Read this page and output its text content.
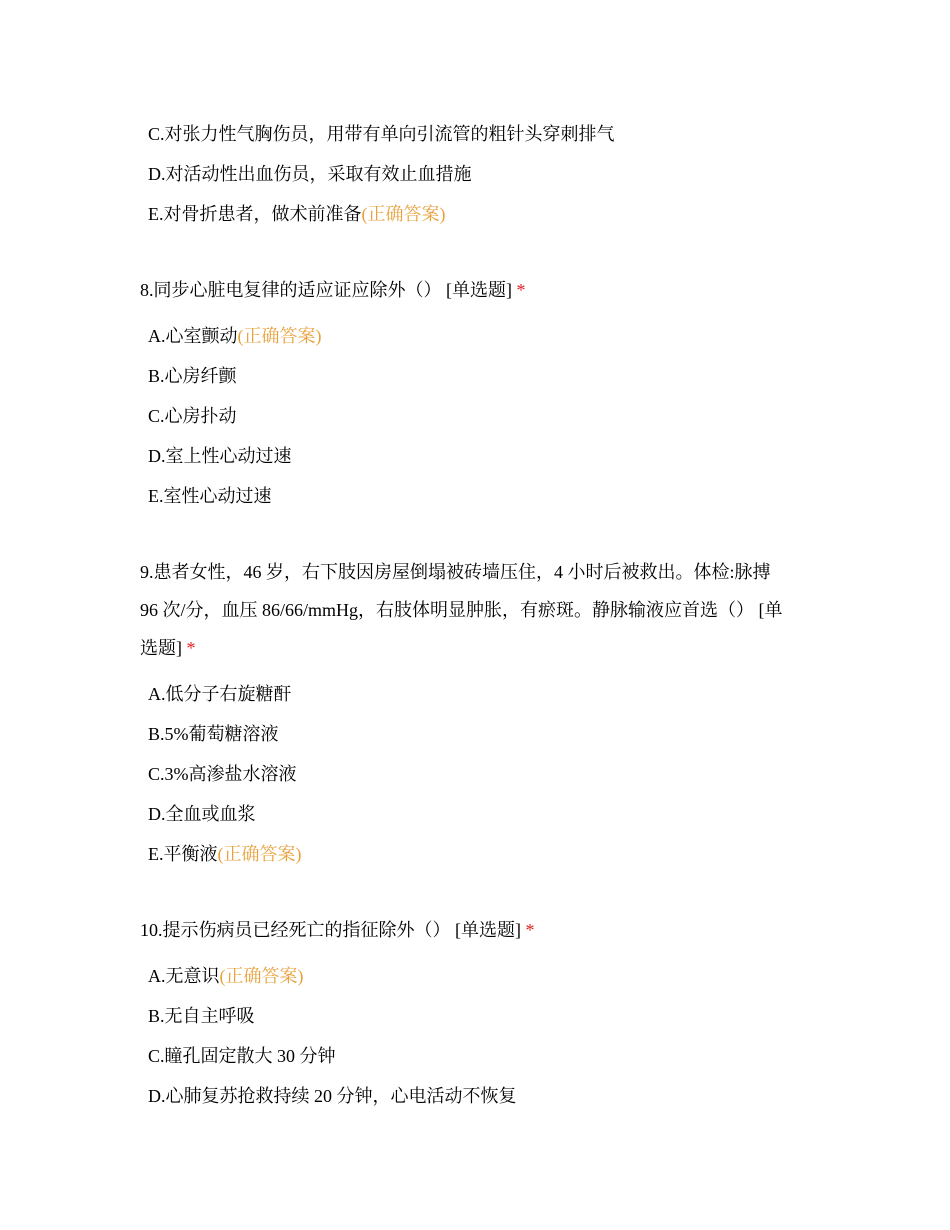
C.对张力性气胸伤员，用带有单向引流管的粗针头穿刺排气
D.对活动性出血伤员，采取有效止血措施
E.对骨折患者，做术前准备(正确答案)
8.同步心脏电复律的适应证应除外（） [单选题] *
A.心室颤动(正确答案)
B.心房纤颤
C.心房扑动
D.室上性心动过速
E.室性心动过速
9.患者女性，46 岁，右下肢因房屋倒塌被砖墙压住，4 小时后被救出。体检:脉搏
96 次/分，血压 86/66/mmHg，右肢体明显肿胀，有瘀斑。静脉输液应首选（） [单
选题] *
A.低分子右旋糖酐
B.5%葡萄糖溶液
C.3%高渗盐水溶液
D.全血或血浆
E.平衡液(正确答案)
10.提示伤病员已经死亡的指征除外（） [单选题] *
A.无意识(正确答案)
B.无自主呼吸
C.瞳孔固定散大 30 分钟
D.心肺复苏抢救持续 20 分钟，心电活动不恢复
